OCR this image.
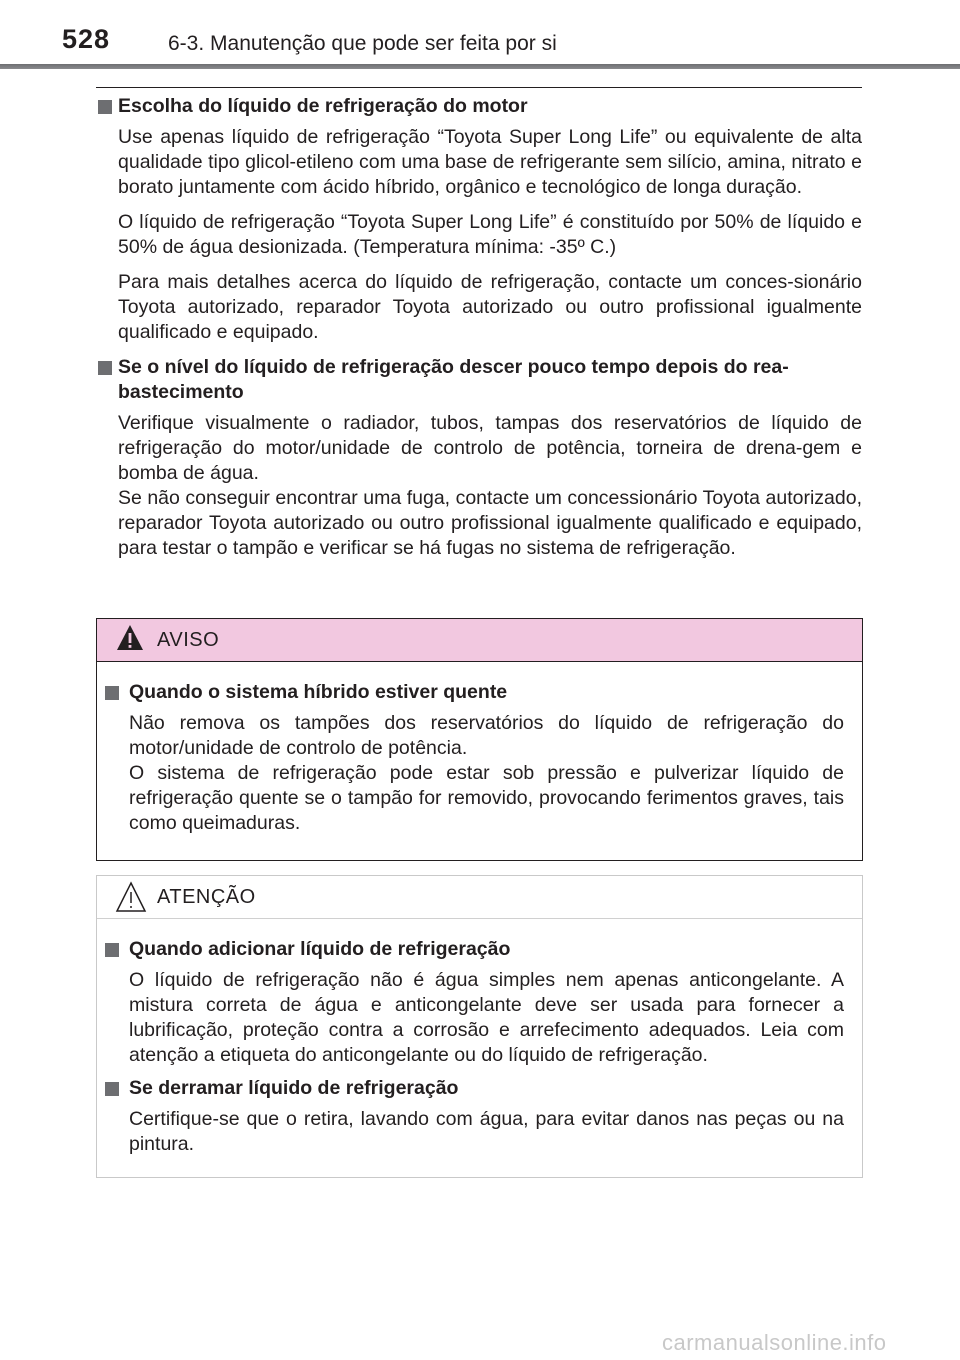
528	6-3. Manutenção que pode ser feita por si
Escolha do líquido de refrigeração do motor

Use apenas líquido de refrigeração “Toyota Super Long Life” ou equivalente de alta qualidade tipo glicol-etileno com uma base de refrigerante sem silício, amina, nitrato e borato juntamente com ácido híbrido, orgânico e tecnológico de longa duração.

O líquido de refrigeração “Toyota Super Long Life” é constituído por 50% de líquido e 50% de água desionizada. (Temperatura mínima: -35º C.)

Para mais detalhes acerca do líquido de refrigeração, contacte um conces-sionário Toyota autorizado, reparador Toyota autorizado ou outro profissional igualmente qualificado e equipado.

Se o nível do líquido de refrigeração descer pouco tempo depois do rea-bastecimento

Verifique visualmente o radiador, tubos, tampas dos reservatórios de líquido de refrigeração do motor/unidade de controlo de potência, torneira de drena-gem e bomba de água.

Se não conseguir encontrar uma fuga, contacte um concessionário Toyota autorizado, reparador Toyota autorizado ou outro profissional igualmente qualificado e equipado, para testar o tampão e verificar se há fugas no sistema de refrigeração.

AVISO
Quando o sistema híbrido estiver quente

Não remova os tampões dos reservatórios do líquido de refrigeração do motor/unidade de controlo de potência.

O sistema de refrigeração pode estar sob pressão e pulverizar líquido de refrigeração quente se o tampão for removido, provocando ferimentos graves, tais como queimaduras.

ATENÇÃO
Quando adicionar líquido de refrigeração

O líquido de refrigeração não é água simples nem apenas anticongelante. A mistura correta de água e anticongelante deve ser usada para fornecer a lubrificação, proteção contra a corrosão e arrefecimento adequados. Leia com atenção a etiqueta do anticongelante ou do líquido de refrigeração.

Se derramar líquido de refrigeração

Certifique-se que o retira, lavando com água, para evitar danos nas peças ou na pintura.

carmanualsonline.info
